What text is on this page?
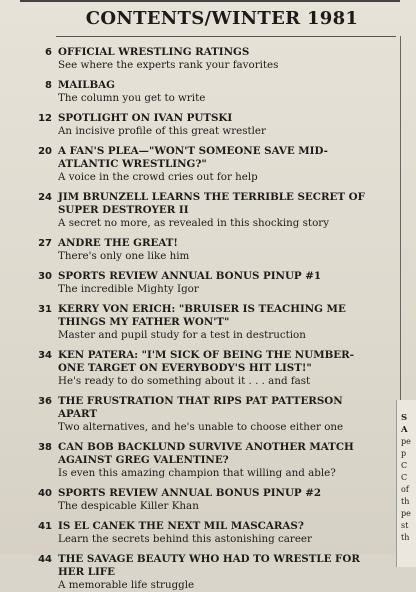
CONTENTS/WINTER 1981
6 OFFICIAL WRESTLING RATINGS
See where the experts rank your favorites
8 MAILBAG
The column you get to write
12 SPOTLIGHT ON IVAN PUTSKI
An incisive profile of this great wrestler
20 A FAN'S PLEA—"WON'T SOMEONE SAVE MID-
ATLANTIC WRESTLING?"
A voice in the crowd cries out for help
24 JIM BRUNZELL LEARNS THE TERRIBLE SECRET OF
SUPER DESTROYER II
A secret no more, as revealed in this shocking story
27 ANDRE THE GREAT!
There's only one like him
30 SPORTS REVIEW ANNUAL BONUS PINUP #1
The incredible Mighty Igor
31 KERRY VON ERICH: "BRUISER IS TEACHING ME
THINGS MY FATHER WON'T"
Master and pupil study for a test in destruction
34 KEN PATERA: "I'M SICK OF BEING THE NUMBER-
ONE TARGET ON EVERYBODY'S HIT LIST!"
He's ready to do something about it . . . and fast
36 THE FRUSTRATION THAT RIPS PAT PATTERSON
APART
Two alternatives, and he's unable to choose either one
38 CAN BOB BACKLUND SURVIVE ANOTHER MATCH
AGAINST GREG VALENTINE?
Is even this amazing champion that willing and able?
40 SPORTS REVIEW ANNUAL BONUS PINUP #2
The despicable Killer Khan
41 IS EL CANEK THE NEXT MIL MASCARAS?
Learn the secrets behind this astonishing career
44 THE SAVAGE BEAUTY WHO HAD TO WRESTLE FOR
HER LIFE
A memorable life struggle
S
A
pe
p
C
C
of
th
pe
st
th
